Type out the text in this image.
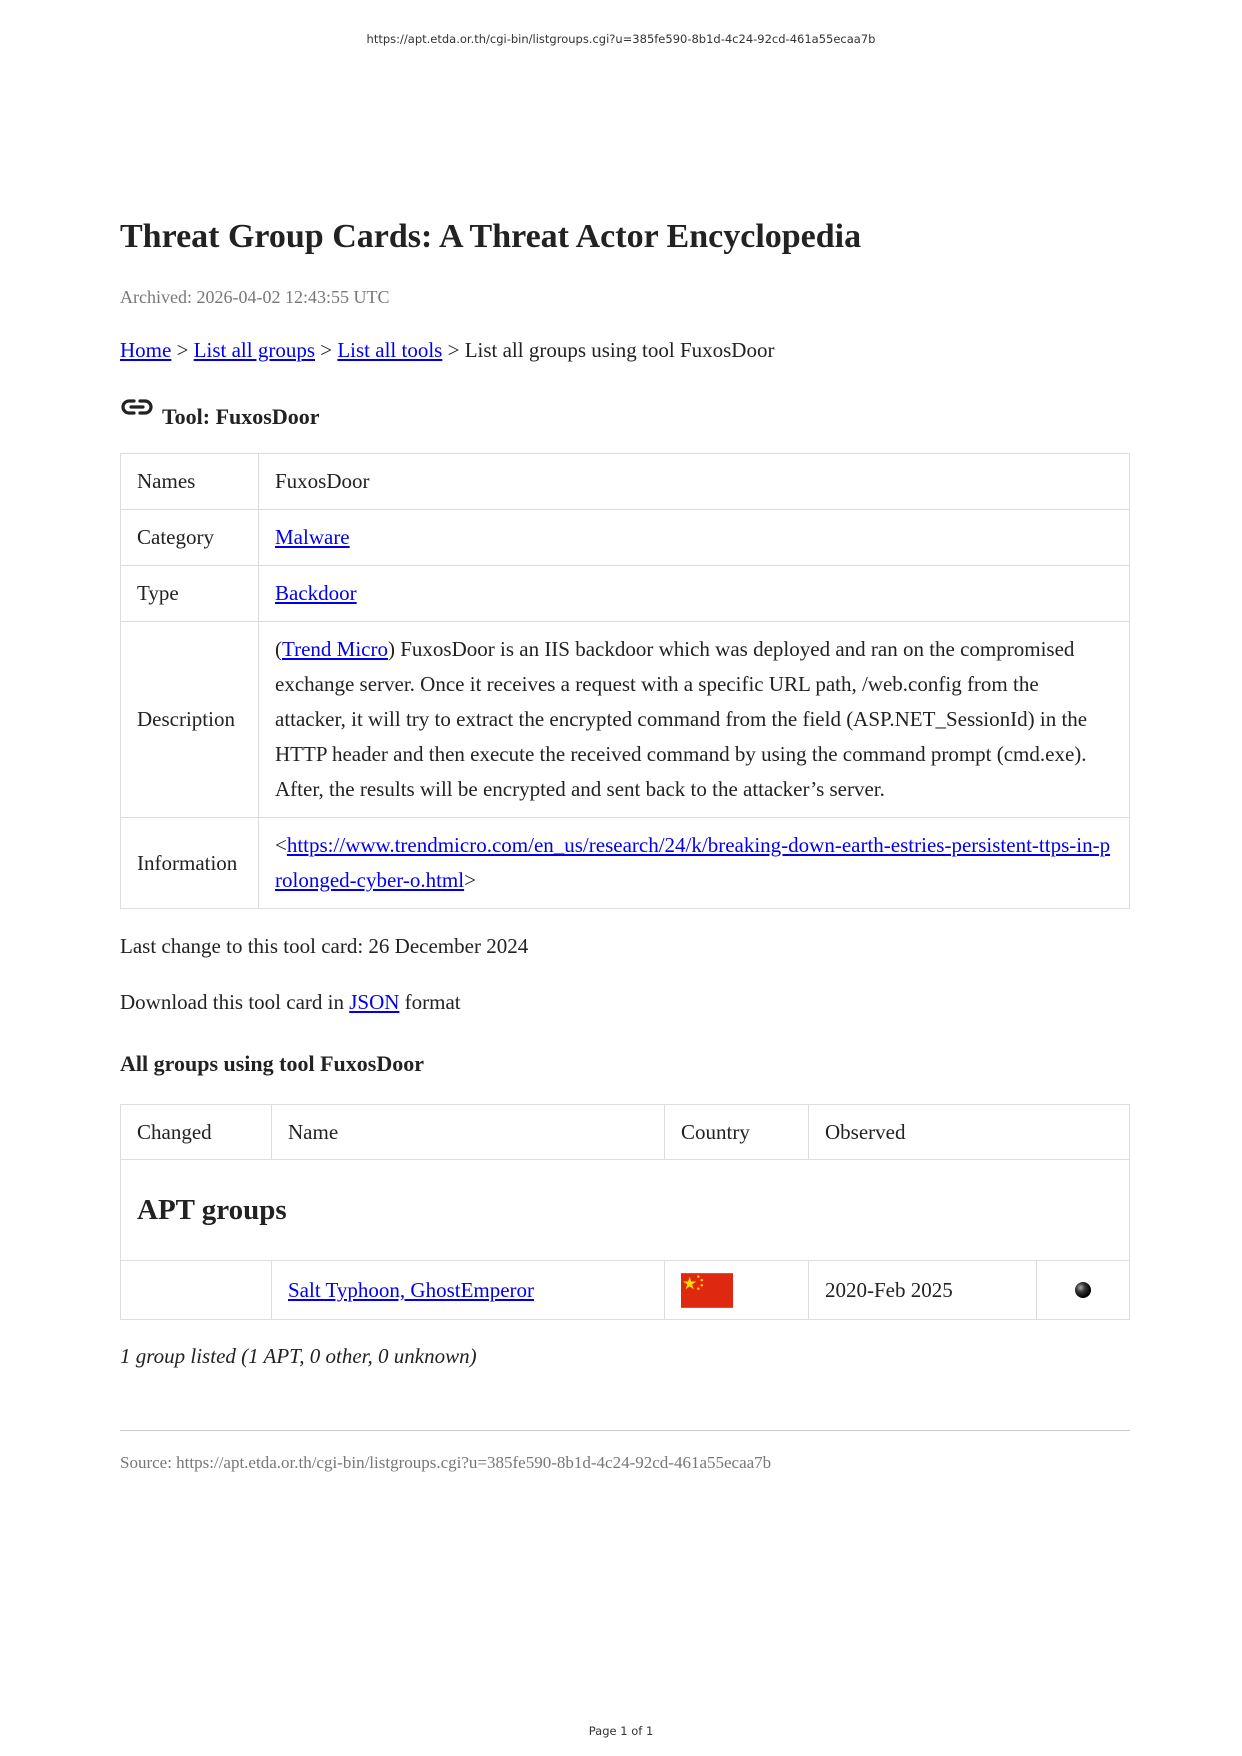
https://apt.etda.or.th/cgi-bin/listgroups.cgi?u=385fe590-8b1d-4c24-92cd-461a55ecaa7b
Threat Group Cards: A Threat Actor Encyclopedia
Archived: 2026-04-02 12:43:55 UTC
Home > List all groups > List all tools > List all groups using tool FuxosDoor
Tool: FuxosDoor
Names	FuxosDoor
Category	Malware
Type	Backdoor
Description	(Trend Micro) FuxosDoor is an IIS backdoor which was deployed and ran on the compromised exchange server. Once it receives a request with a specific URL path, /web.config from the attacker, it will try to extract the encrypted command from the field (ASP.NET_SessionId) in the HTTP header and then execute the received command by using the command prompt (cmd.exe). After, the results will be encrypted and sent back to the attacker’s server.
Information	<https://www.trendmicro.com/en_us/research/24/k/breaking-down-earth-estries-persistent-ttps-in-prolonged-cyber-o.html>
Last change to this tool card: 26 December 2024
Download this tool card in JSON format
All groups using tool FuxosDoor
Changed	Name	Country	Observed	
APT groups				
	Salt Typhoon, GhostEmperor		2020-Feb 2025	
1 group listed (1 APT, 0 other, 0 unknown)
Source: https://apt.etda.or.th/cgi-bin/listgroups.cgi?u=385fe590-8b1d-4c24-92cd-461a55ecaa7b
Page 1 of 1
